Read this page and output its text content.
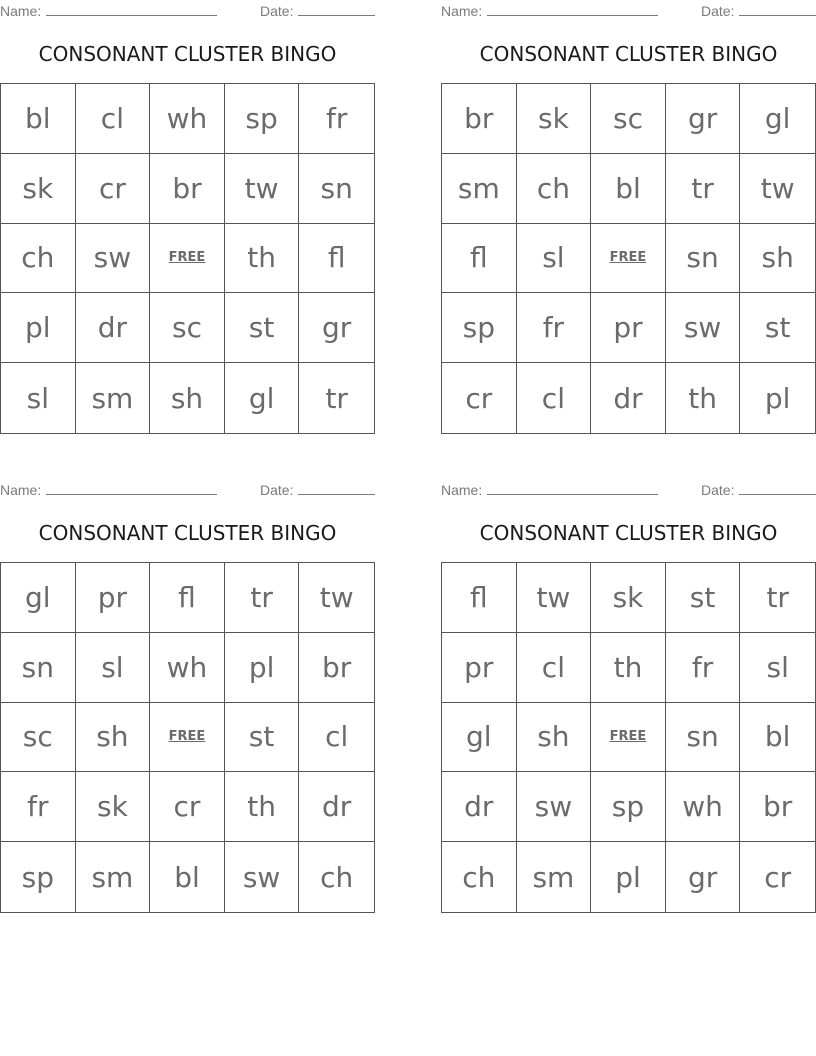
Name:	Date:
CONSONANT CLUSTER BINGO
bl	cl	wh	sp	fr
sk	cr	br	tw	sn
ch	sw	FREE	th	fl
pl	dr	sc	st	gr
sl	sm	sh	gl	tr
Name:	Date:
CONSONANT CLUSTER BINGO
br	sk	sc	gr	gl
sm	ch	bl	tr	tw
fl	sl	FREE	sn	sh
sp	fr	pr	sw	st
cr	cl	dr	th	pl
Name:	Date:
CONSONANT CLUSTER BINGO
gl	pr	fl	tr	tw
sn	sl	wh	pl	br
sc	sh	FREE	st	cl
fr	sk	cr	th	dr
sp	sm	bl	sw	ch
Name:	Date:
CONSONANT CLUSTER BINGO
fl	tw	sk	st	tr
pr	cl	th	fr	sl
gl	sh	FREE	sn	bl
dr	sw	sp	wh	br
ch	sm	pl	gr	cr
